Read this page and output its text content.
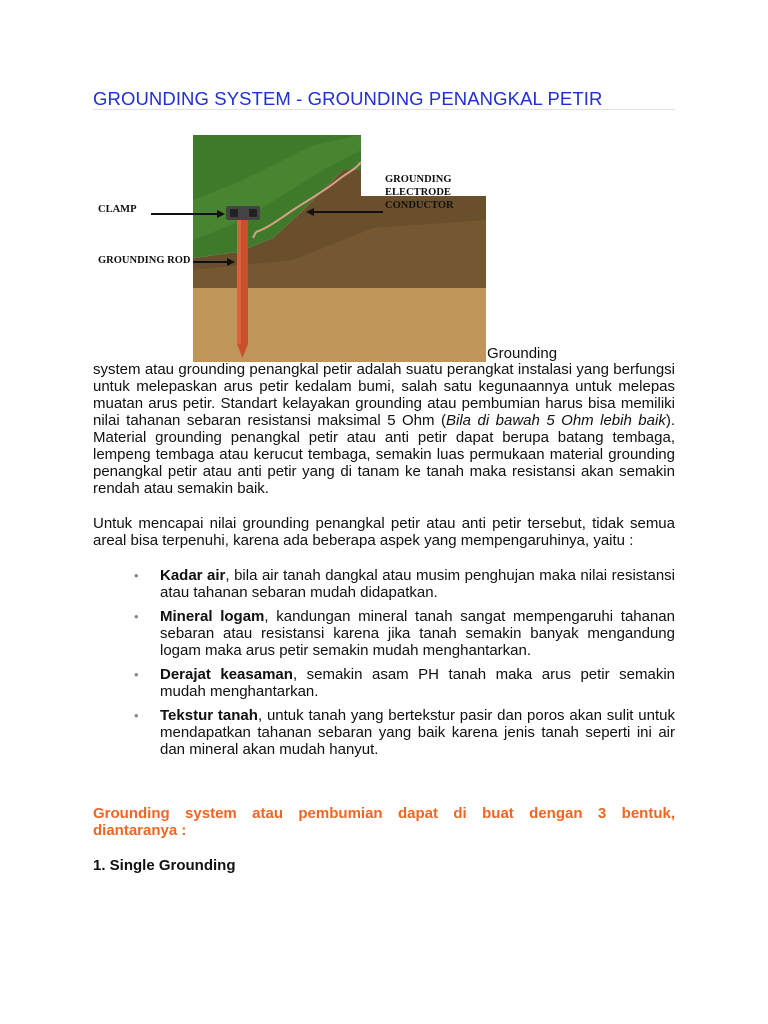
GROUNDING SYSTEM - GROUNDING PENANGKAL PETIR
CLAMP
GROUNDING ROD
GROUNDING
ELECTRODE
CONDUCTOR
Grounding

system atau grounding penangkal petir adalah suatu perangkat instalasi yang berfungsi untuk melepaskan arus petir kedalam bumi, salah satu kegunaannya untuk melepas muatan arus petir. Standart kelayakan grounding atau pembumian harus bisa memiliki nilai tahanan sebaran resistansi maksimal 5 Ohm (Bila di bawah 5 Ohm lebih baik). Material grounding penangkal petir atau anti petir dapat berupa batang tembaga, lempeng tembaga atau kerucut tembaga, semakin luas permukaan material grounding penangkal petir atau anti petir yang di tanam ke tanah maka resistansi akan semakin rendah atau semakin baik.

Untuk mencapai nilai grounding penangkal petir atau anti petir tersebut, tidak semua areal bisa terpenuhi, karena ada beberapa aspek yang mempengaruhinya, yaitu :

• Kadar air, bila air tanah dangkal atau musim penghujan maka nilai resistansi atau tahanan sebaran mudah didapatkan.
• Mineral logam, kandungan mineral tanah sangat mempengaruhi tahanan sebaran atau resistansi karena jika tanah semakin banyak mengandung logam maka arus petir semakin mudah menghantarkan.
• Derajat keasaman, semakin asam PH tanah maka arus petir semakin mudah menghantarkan.
• Tekstur tanah, untuk tanah yang bertekstur pasir dan poros akan sulit untuk mendapatkan tahanan sebaran yang baik karena jenis tanah seperti ini air dan mineral akan mudah hanyut.

Grounding system atau pembumian dapat di buat dengan 3 bentuk,
diantaranya :

1. Single Grounding
